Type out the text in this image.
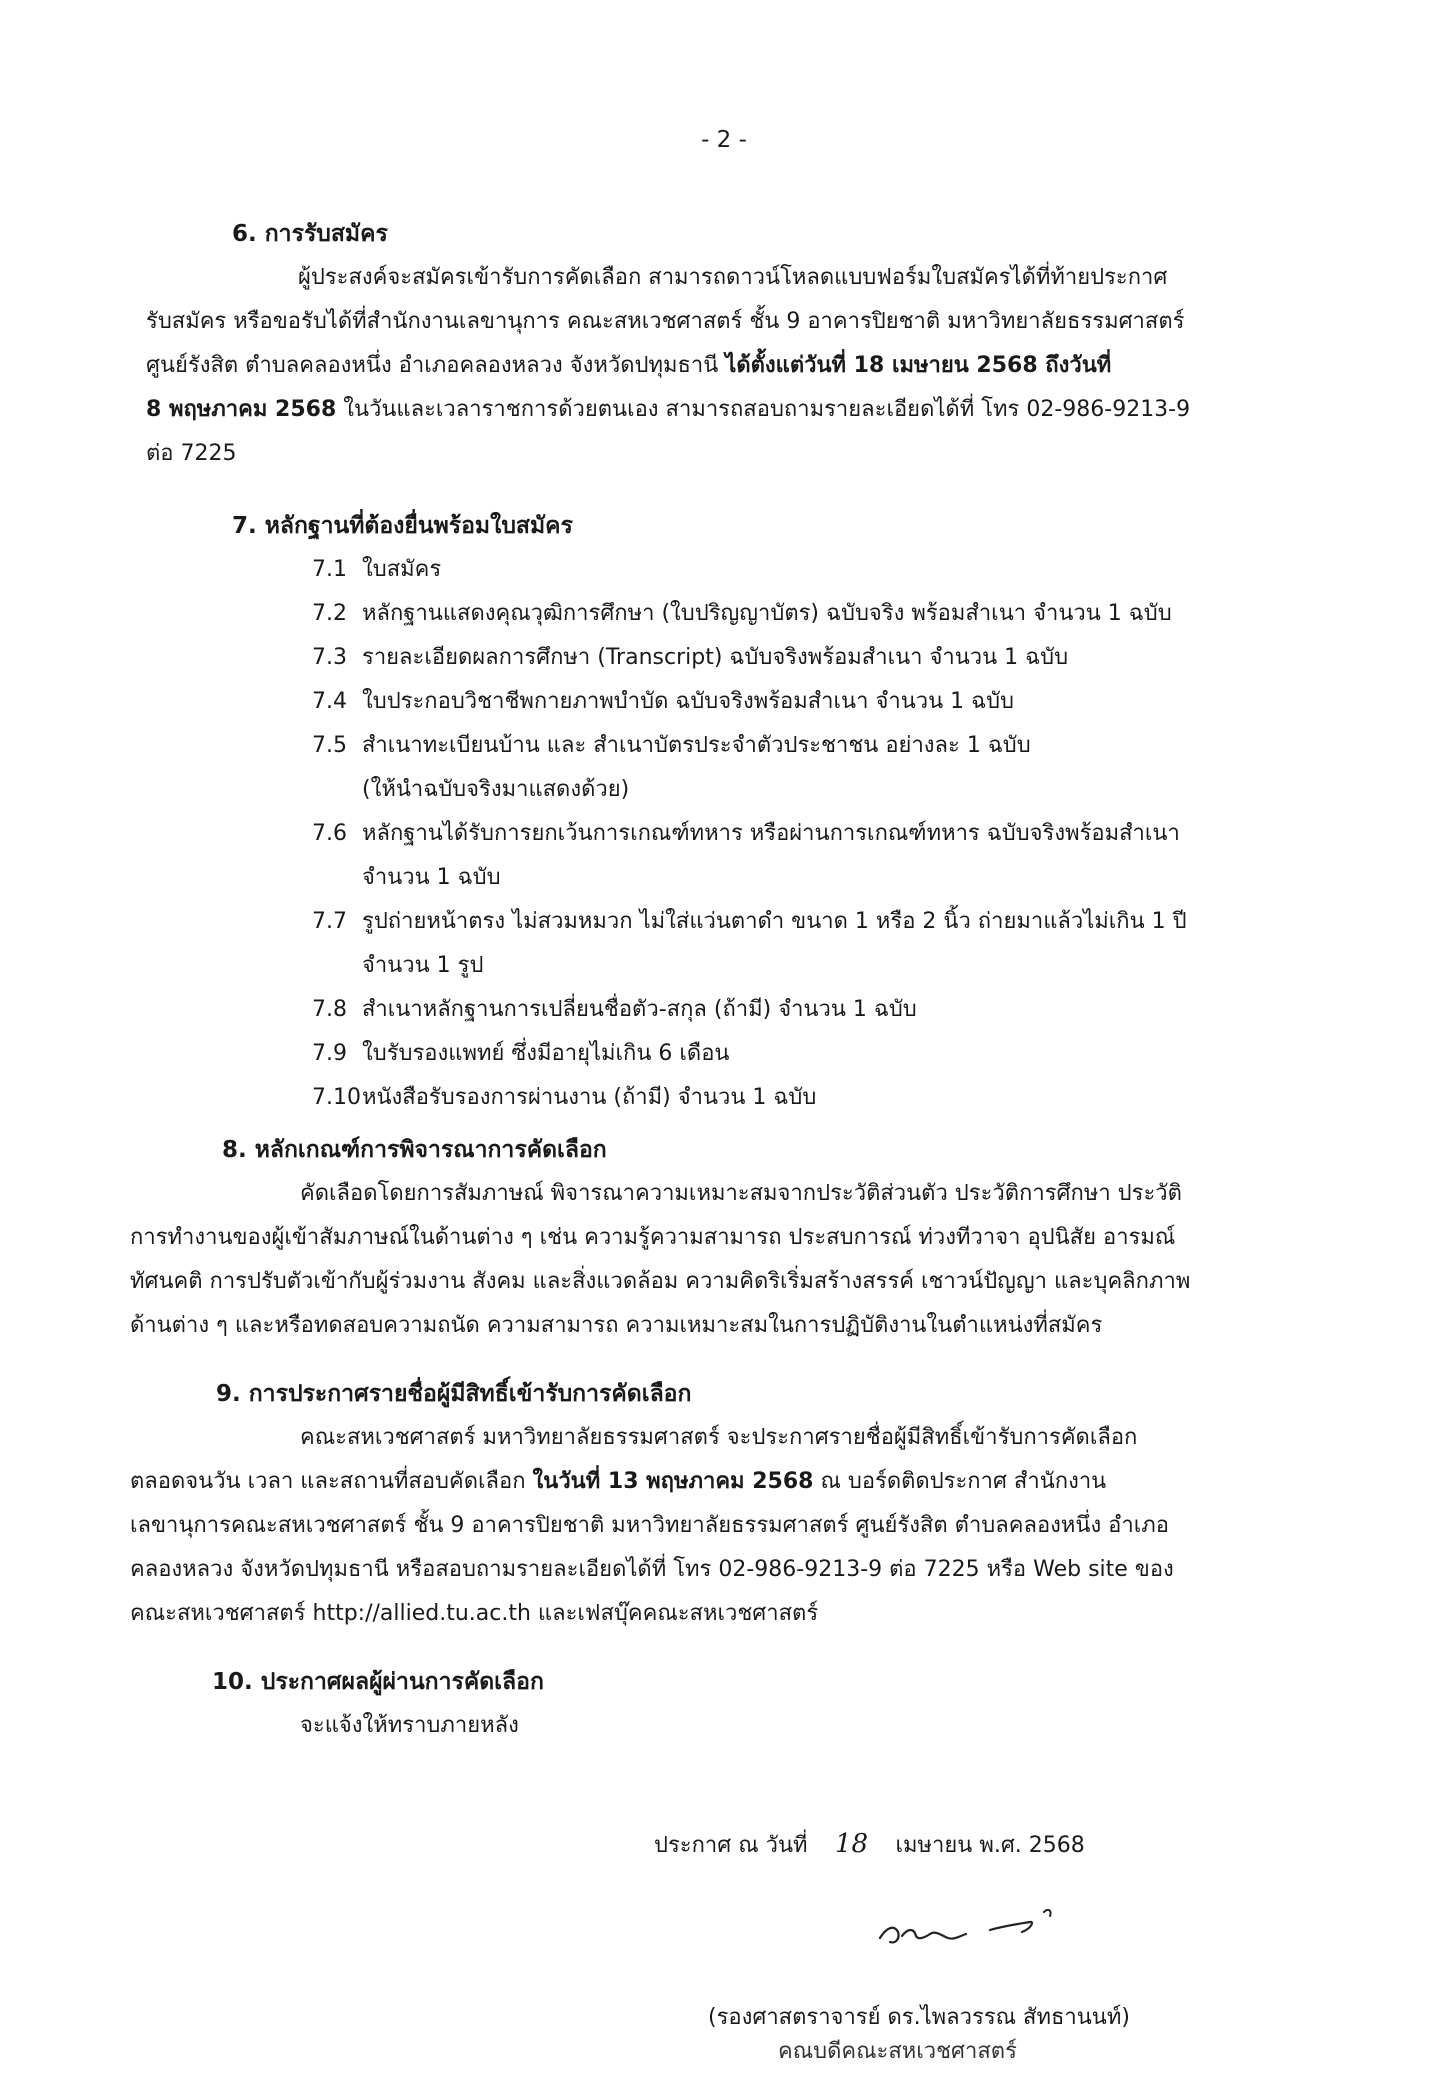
- 2 -
6. การรับสมัคร
ผู้ประสงค์จะสมัครเข้ารับการคัดเลือก สามารถดาวน์โหลดแบบฟอร์มใบสมัครได้ที่ท้ายประกาศ
รับสมัคร หรือขอรับได้ที่สำนักงานเลขานุการ คณะสหเวชศาสตร์ ชั้น 9 อาคารปิยชาติ มหาวิทยาลัยธรรมศาสตร์
ศูนย์รังสิต ตำบลคลองหนึ่ง อำเภอคลองหลวง จังหวัดปทุมธานี ได้ตั้งแต่วันที่ 18 เมษายน 2568 ถึงวันที่
8 พฤษภาคม 2568 ในวันและเวลาราชการด้วยตนเอง สามารถสอบถามรายละเอียดได้ที่ โทร 02-986-9213-9
ต่อ 7225
7. หลักฐานที่ต้องยื่นพร้อมใบสมัคร
7.1 ใบสมัคร
7.2 หลักฐานแสดงคุณวุฒิการศึกษา (ใบปริญญาบัตร) ฉบับจริง พร้อมสำเนา จำนวน 1 ฉบับ
7.3 รายละเอียดผลการศึกษา (Transcript) ฉบับจริงพร้อมสำเนา จำนวน 1 ฉบับ
7.4 ใบประกอบวิชาชีพกายภาพบำบัด ฉบับจริงพร้อมสำเนา จำนวน 1 ฉบับ
7.5 สำเนาทะเบียนบ้าน และ สำเนาบัตรประจำตัวประชาชน อย่างละ 1 ฉบับ
(ให้นำฉบับจริงมาแสดงด้วย)
7.6 หลักฐานได้รับการยกเว้นการเกณฑ์ทหาร หรือผ่านการเกณฑ์ทหาร ฉบับจริงพร้อมสำเนา
จำนวน 1 ฉบับ
7.7 รูปถ่ายหน้าตรง ไม่สวมหมวก ไม่ใส่แว่นตาดำ ขนาด 1 หรือ 2 นิ้ว ถ่ายมาแล้วไม่เกิน 1 ปี
จำนวน 1 รูป
7.8 สำเนาหลักฐานการเปลี่ยนชื่อตัว-สกุล (ถ้ามี) จำนวน 1 ฉบับ
7.9 ใบรับรองแพทย์ ซึ่งมีอายุไม่เกิน 6 เดือน
7.10หนังสือรับรองการผ่านงาน (ถ้ามี) จำนวน 1 ฉบับ
8. หลักเกณฑ์การพิจารณาการคัดเลือก
คัดเลือดโดยการสัมภาษณ์ พิจารณาความเหมาะสมจากประวัติส่วนตัว ประวัติการศึกษา ประวัติ
การทำงานของผู้เข้าสัมภาษณ์ในด้านต่าง ๆ เช่น ความรู้ความสามารถ ประสบการณ์ ท่วงทีวาจา อุปนิสัย อารมณ์
ทัศนคติ การปรับตัวเข้ากับผู้ร่วมงาน สังคม และสิ่งแวดล้อม ความคิดริเริ่มสร้างสรรค์ เชาวน์ปัญญา และบุคลิกภาพ
ด้านต่าง ๆ และหรือทดสอบความถนัด ความสามารถ ความเหมาะสมในการปฏิบัติงานในตำแหน่งที่สมัคร
9. การประกาศรายชื่อผู้มีสิทธิ์เข้ารับการคัดเลือก
คณะสหเวชศาสตร์ มหาวิทยาลัยธรรมศาสตร์ จะประกาศรายชื่อผู้มีสิทธิ์เข้ารับการคัดเลือก
ตลอดจนวัน เวลา และสถานที่สอบคัดเลือก ในวันที่ 13 พฤษภาคม 2568 ณ บอร์ดติดประกาศ สำนักงาน
เลขานุการคณะสหเวชศาสตร์ ชั้น 9 อาคารปิยชาติ มหาวิทยาลัยธรรมศาสตร์ ศูนย์รังสิต ตำบลคลองหนึ่ง อำเภอ
คลองหลวง จังหวัดปทุมธานี หรือสอบถามรายละเอียดได้ที่ โทร 02-986-9213-9 ต่อ 7225 หรือ Web site ของ
คณะสหเวชศาสตร์ http://allied.tu.ac.th และเฟสบุ๊คคณะสหเวชศาสตร์
10. ประกาศผลผู้ผ่านการคัดเลือก
จะแจ้งให้ทราบภายหลัง
ประกาศ ณ วันที่ 18 เมษายน พ.ศ. 2568
(รองศาสตราจารย์ ดร.ไพลวรรณ สัทธานนท์)
คณบดีคณะสหเวชศาสตร์
